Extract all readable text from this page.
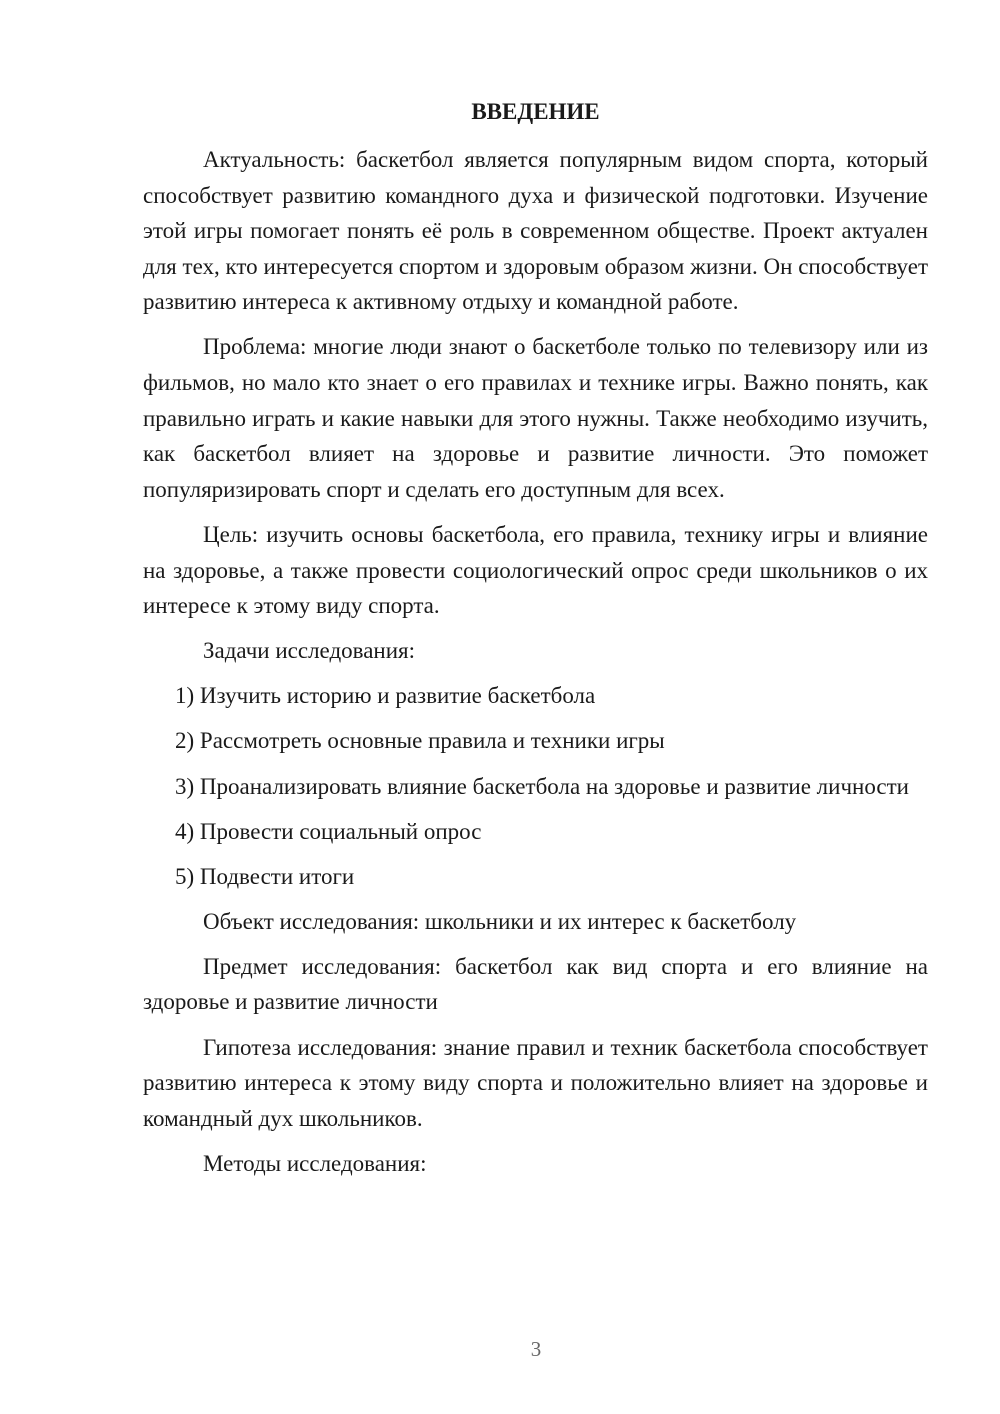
ВВЕДЕНИЕ

Актуальность: баскетбол является популярным видом спорта, который способствует развитию командного духа и физической подготовки. Изучение этой игры помогает понять её роль в современном обществе. Проект актуален для тех, кто интересуется спортом и здоровым образом жизни. Он способствует развитию интереса к активному отдыху и командной работе.

Проблема: многие люди знают о баскетболе только по телевизору или из фильмов, но мало кто знает о его правилах и технике игры. Важно понять, как правильно играть и какие навыки для этого нужны. Также необходимо изучить, как баскетбол влияет на здоровье и развитие личности. Это поможет популяризировать спорт и сделать его доступным для всех.

Цель: изучить основы баскетбола, его правила, технику игры и влияние на здоровье, а также провести социологический опрос среди школьников о их интересе к этому виду спорта.

Задачи исследования:

1) Изучить историю и развитие баскетбола

2) Рассмотреть основные правила и техники игры

3) Проанализировать влияние баскетбола на здоровье и развитие личности

4) Провести социальный опрос

5) Подвести итоги

Объект исследования: школьники и их интерес к баскетболу

Предмет исследования: баскетбол как вид спорта и его влияние на здоровье и развитие личности

Гипотеза исследования: знание правил и техник баскетбола способствует развитию интереса к этому виду спорта и положительно влияет на здоровье и командный дух школьников.

Методы исследования:

3
